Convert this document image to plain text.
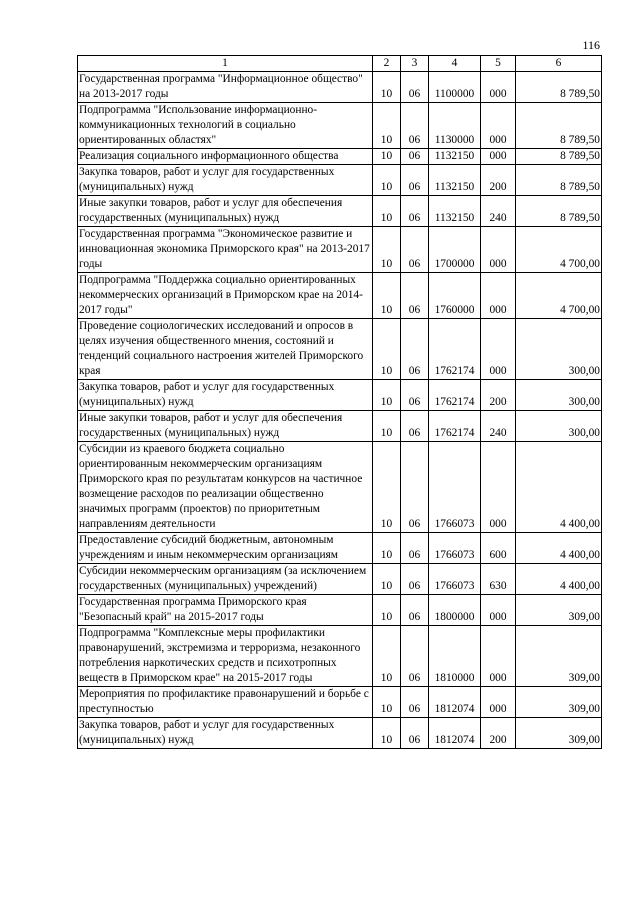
116
1	2	3	4	5	6
Государственная программа "Информационное общество" на 2013-2017 годы	10	06	1100000	000	8 789,50
Подпрограмма "Использование информационно-коммуникационных технологий в социально ориентированных областях"	10	06	1130000	000	8 789,50
Реализация социального информационного общества	10	06	1132150	000	8 789,50
Закупка товаров, работ и услуг для государственных (муниципальных) нужд	10	06	1132150	200	8 789,50
Иные закупки товаров, работ и услуг для обеспечения государственных (муниципальных) нужд	10	06	1132150	240	8 789,50
Государственная программа "Экономическое развитие и инновационная экономика Приморского края" на 2013-2017 годы	10	06	1700000	000	4 700,00
Подпрограмма "Поддержка социально ориентированных некоммерческих организаций в Приморском крае на 2014-2017 годы"	10	06	1760000	000	4 700,00
Проведение социологических исследований и опросов в целях изучения общественного мнения, состояний и тенденций социального настроения жителей Приморского края	10	06	1762174	000	300,00
Закупка товаров, работ и услуг для государственных (муниципальных) нужд	10	06	1762174	200	300,00
Иные закупки товаров, работ и услуг для обеспечения государственных (муниципальных) нужд	10	06	1762174	240	300,00
Субсидии из краевого бюджета социально ориентированным некоммерческим организациям Приморского края по результатам конкурсов на частичное возмещение расходов по реализации общественно значимых программ (проектов) по приоритетным направлениям деятельности	10	06	1766073	000	4 400,00
Предоставление субсидий бюджетным, автономным учреждениям и иным некоммерческим организациям	10	06	1766073	600	4 400,00
Субсидии некоммерческим организациям (за исключением государственных (муниципальных) учреждений)	10	06	1766073	630	4 400,00
Государственная программа Приморского края "Безопасный край" на 2015-2017 годы	10	06	1800000	000	309,00
Подпрограмма "Комплексные меры профилактики правонарушений, экстремизма и терроризма, незаконного потребления наркотических средств и психотропных веществ в Приморском крае" на 2015-2017 годы	10	06	1810000	000	309,00
Мероприятия по профилактике правонарушений и борьбе с преступностью	10	06	1812074	000	309,00
Закупка товаров, работ и услуг для государственных (муниципальных) нужд	10	06	1812074	200	309,00
